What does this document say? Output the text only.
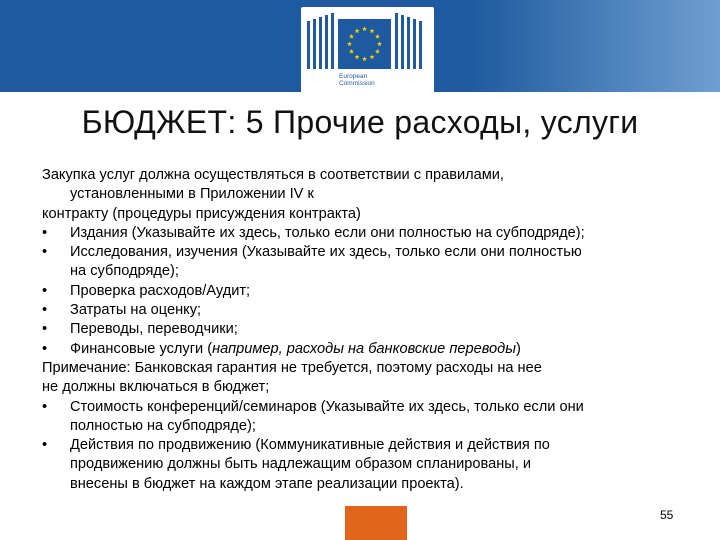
European
Commission
БЮДЖЕТ: 5 Прочие расходы, услуги

Закупка услуг должна осуществляться в соответствии с правилами,

установленными в Приложении IV к

контракту (процедуры присуждения контракта)

•	Издания (Указывайте их здесь, только если они полностью на субподряде);
•	Исследования, изучения (Указывайте их здесь, только если они полностью
на субподряде);
•	Проверка расходов/Аудит;
•	Затраты на оценку;
•	Переводы, переводчики;
•	Финансовые услуги (например, расходы на банковские переводы)

Примечание: Банковская гарантия не требуется, поэтому расходы на нее

не должны включаться в бюджет;

•	Стоимость конференций/семинаров (Указывайте их здесь, только если они
полностью на субподряде);
•	Действия по продвижению (Коммуникативные действия и действия по
продвижению должны быть надлежащим образом спланированы, и
внесены в бюджет на каждом этапе реализации проекта).
55
